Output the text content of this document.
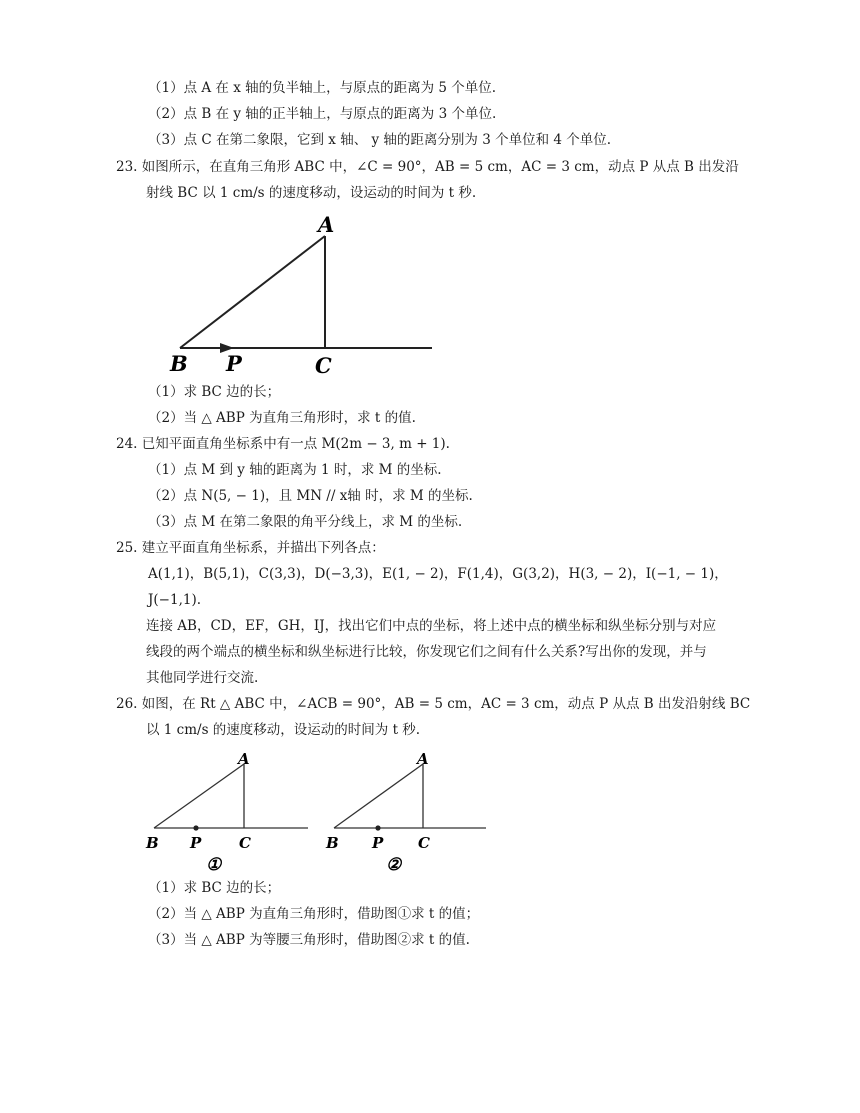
（1）点 A 在 x 轴的负半轴上，与原点的距离为 5 个单位.
（2）点 B 在 y 轴的正半轴上，与原点的距离为 3 个单位.
（3）点 C 在第二象限，它到 x 轴、 y 轴的距离分别为 3 个单位和 4 个单位.
23. 如图所示，在直角三角形 ABC 中，∠C = 90°，AB = 5 cm，AC = 3 cm，动点 P 从点 B 出发沿
射线 BC 以 1 cm/s 的速度移动，设运动的时间为 t 秒.
A
B P	C
（1）求 BC 边的长；
（2）当 △ ABP 为直角三角形时，求 t 的值.
24. 已知平面直角坐标系中有一点 M(2m − 3, m + 1).
（1）点 M 到 y 轴的距离为 1 时，求 M 的坐标.
（2）点 N(5, − 1)，且 MN // x轴 时，求 M 的坐标.
（3）点 M 在第二象限的角平分线上，求 M 的坐标.
25. 建立平面直角坐标系，并描出下列各点：
A(1,1)，B(5,1)，C(3,3)，D(−3,3)，E(1, − 2)，F(1,4)，G(3,2)，H(3, − 2)，I(−1, − 1)，
J(−1,1).
连接 AB，CD，EF，GH，IJ，找出它们中点的坐标，将上述中点的横坐标和纵坐标分别与对应
线段的两个端点的横坐标和纵坐标进行比较，你发现它们之间有什么关系?写出你的发现，并与
其他同学进行交流.
26. 如图，在 Rt △ ABC 中，∠ACB = 90°，AB = 5 cm，AC = 3 cm，动点 P 从点 B 出发沿射线 BC
以 1 cm/s 的速度移动，设运动的时间为 t 秒.
A
B P	C
①
A
B P C
②
（1）求 BC 边的长；
（2）当 △ ABP 为直角三角形时，借助图①求 t 的值；
（3）当 △ ABP 为等腰三角形时，借助图②求 t 的值.
